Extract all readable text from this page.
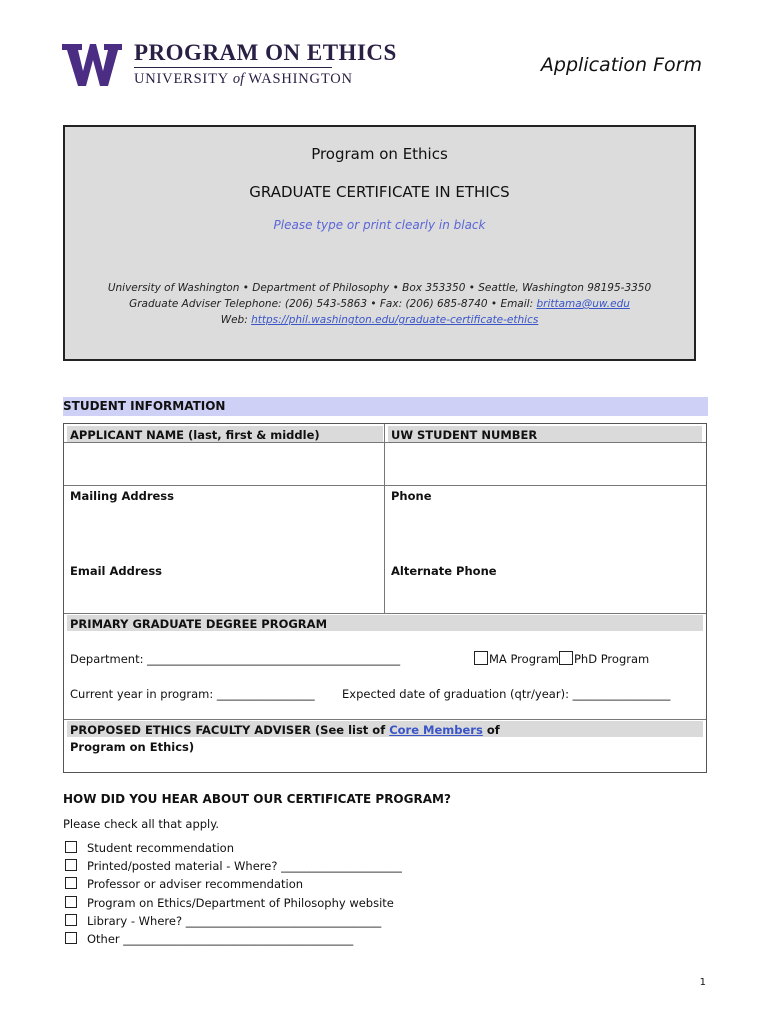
PROGRAM ON ETHICS
UNIVERSITY of WASHINGTON
Application Form
Program on Ethics
GRADUATE CERTIFICATE IN ETHICS
Please type or print clearly in black
University of Washington • Department of Philosophy • Box 353350 • Seattle, Washington 98195-3350
Graduate Adviser Telephone: (206) 543-5863 • Fax: (206) 685-8740 • Email: brittama@uw.edu
Web: https://phil.washington.edu/graduate-certificate-ethics
STUDENT INFORMATION
APPLICANT NAME (last, first & middle)	UW STUDENT NUMBER
Mailing Address	Phone
Email Address	Alternate Phone
PRIMARY GRADUATE DEGREE PROGRAM
Department: ____________________________________________	MA Program PhD Program
Current year in program: _________________ Expected date of graduation (qtr/year): _________________
PROPOSED ETHICS FACULTY ADVISER (See list of Core Members of
Program on Ethics)
HOW DID YOU HEAR ABOUT OUR CERTIFICATE PROGRAM?
Please check all that apply.
Student recommendation
Printed/posted material - Where? _____________________
Professor or adviser recommendation
Program on Ethics/Department of Philosophy website
Library - Where? __________________________________
Other ________________________________________
1
